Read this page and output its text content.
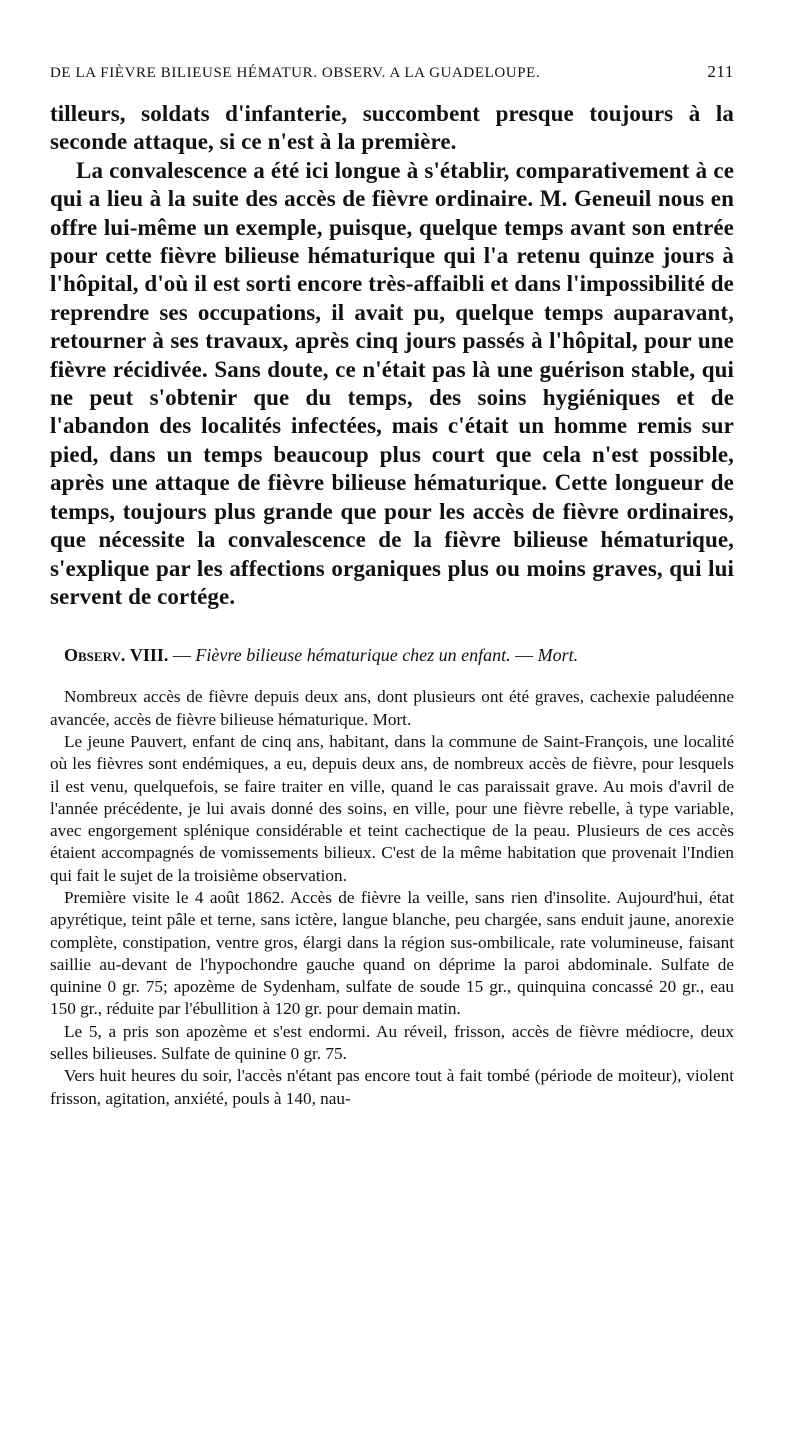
DE LA FIÈVRE BILIEUSE HÉMATUR. OBSERV. A LA GUADELOUPE.	211

tilleurs, soldats d'infanterie, succombent presque toujours à la seconde attaque, si ce n'est à la première.

La convalescence a été ici longue à s'établir, comparativement à ce qui a lieu à la suite des accès de fièvre ordinaire. M. Geneuil nous en offre lui-même un exemple, puisque, quelque temps avant son entrée pour cette fièvre bilieuse hématurique qui l'a retenu quinze jours à l'hôpital, d'où il est sorti encore très-affaibli et dans l'impossibilité de reprendre ses occupations, il avait pu, quelque temps auparavant, retourner à ses travaux, après cinq jours passés à l'hôpital, pour une fièvre récidivée. Sans doute, ce n'était pas là une guérison stable, qui ne peut s'obtenir que du temps, des soins hygiéniques et de l'abandon des localités infectées, mais c'était un homme remis sur pied, dans un temps beaucoup plus court que cela n'est possible, après une attaque de fièvre bilieuse hématurique. Cette longueur de temps, toujours plus grande que pour les accès de fièvre ordinaires, que nécessite la convalescence de la fièvre bilieuse hématurique, s'explique par les affections organiques plus ou moins graves, qui lui servent de cortége.

Observ. VIII. — Fièvre bilieuse hématurique chez un enfant. — Mort.

Nombreux accès de fièvre depuis deux ans, dont plusieurs ont été graves, cachexie paludéenne avancée, accès de fièvre bilieuse hématurique. Mort.

Le jeune Pauvert, enfant de cinq ans, habitant, dans la commune de Saint-François, une localité où les fièvres sont endémiques, a eu, depuis deux ans, de nombreux accès de fièvre, pour lesquels il est venu, quelquefois, se faire traiter en ville, quand le cas paraissait grave. Au mois d'avril de l'année précédente, je lui avais donné des soins, en ville, pour une fièvre rebelle, à type variable, avec engorgement splénique considérable et teint cachectique de la peau. Plusieurs de ces accès étaient accompagnés de vomissements bilieux. C'est de la même habitation que provenait l'Indien qui fait le sujet de la troisième observation.

Première visite le 4 août 1862. Accès de fièvre la veille, sans rien d'insolite. Aujourd'hui, état apyrétique, teint pâle et terne, sans ictère, langue blanche, peu chargée, sans enduit jaune, anorexie complète, constipation, ventre gros, élargi dans la région sus-ombilicale, rate volumineuse, faisant saillie au-devant de l'hypochondre gauche quand on déprime la paroi abdominale. Sulfate de quinine 0 gr. 75; apozème de Sydenham, sulfate de soude 15 gr., quinquina concassé 20 gr., eau 150 gr., réduite par l'ébullition à 120 gr. pour demain matin.

Le 5, a pris son apozème et s'est endormi. Au réveil, frisson, accès de fièvre médiocre, deux selles bilieuses. Sulfate de quinine 0 gr. 75.

Vers huit heures du soir, l'accès n'étant pas encore tout à fait tombé (période de moiteur), violent frisson, agitation, anxiété, pouls à 140, nau-
